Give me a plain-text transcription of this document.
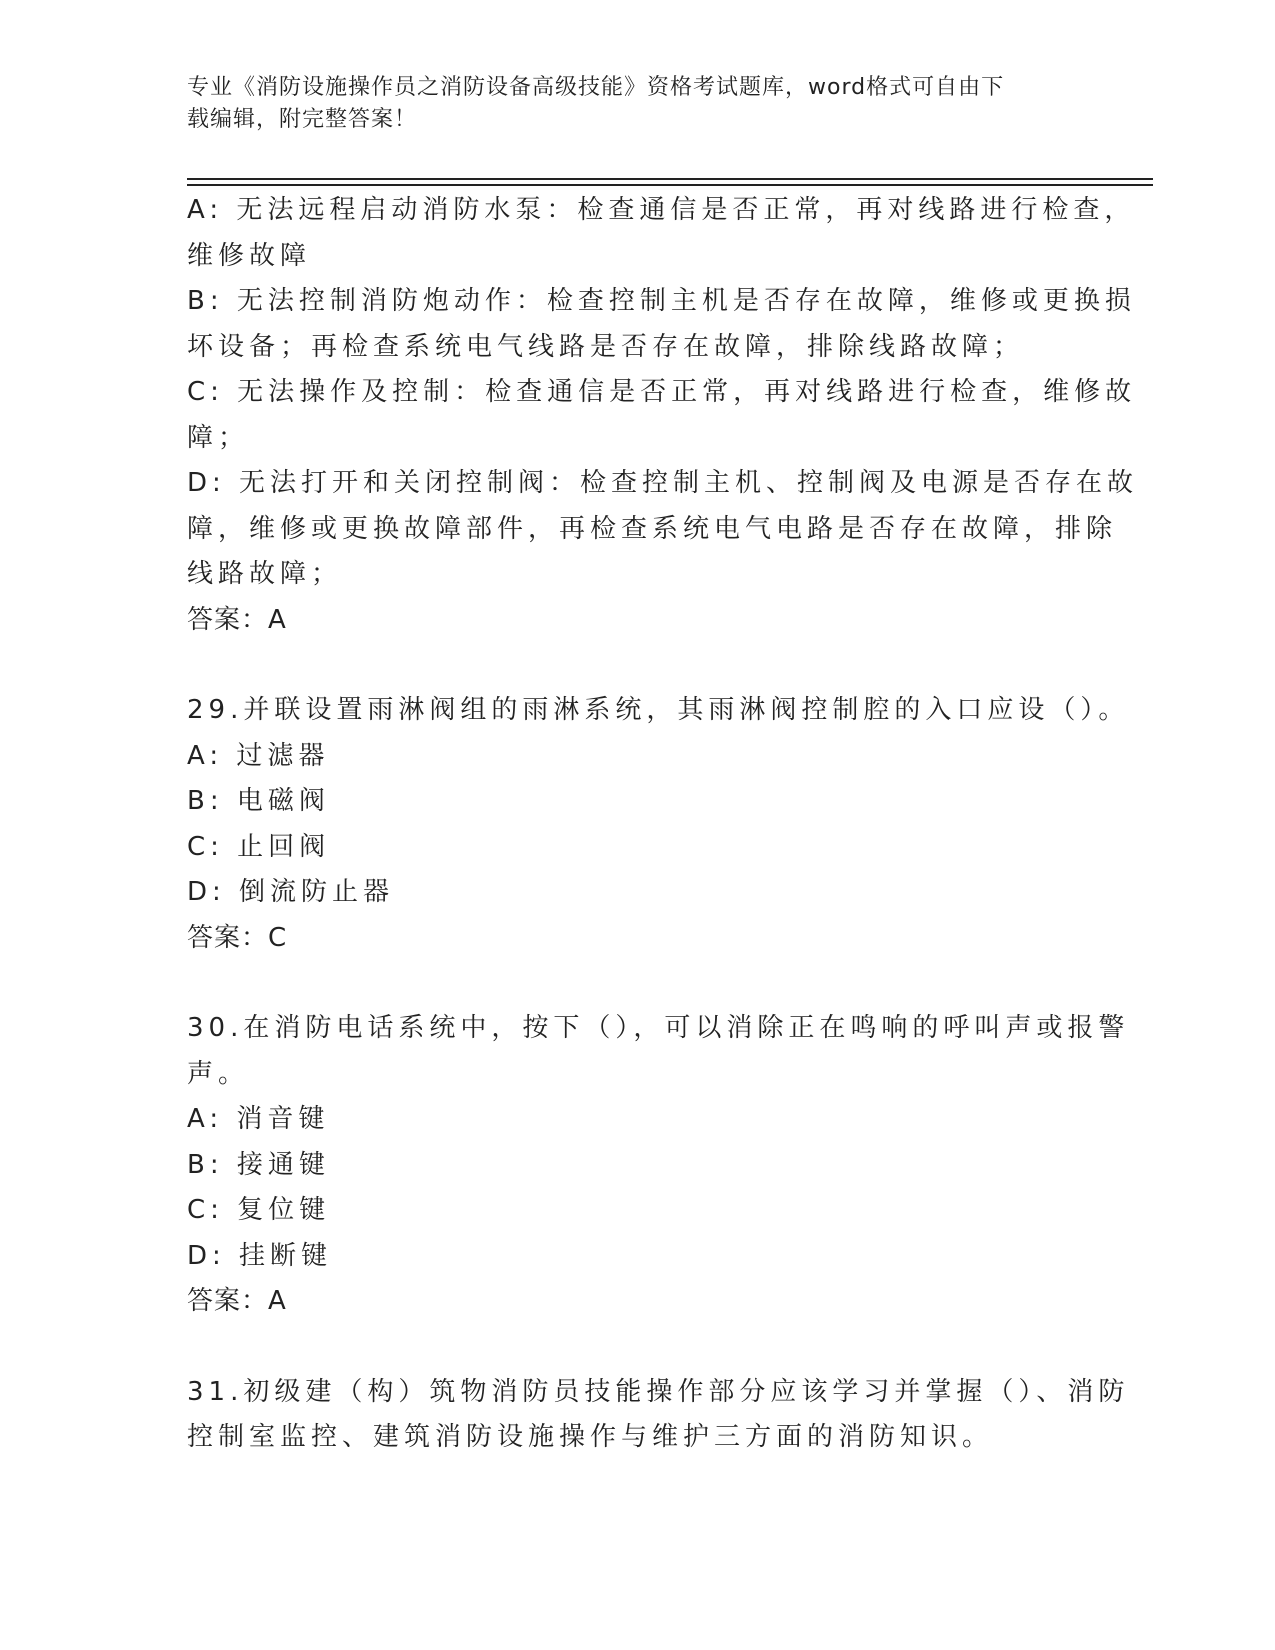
专业《消防设施操作员之消防设备高级技能》资格考试题库，word格式可自由下
载编辑，附完整答案！
A: 无法远程启动消防水泵：检查通信是否正常，再对线路进行检查，
维修故障
B: 无法控制消防炮动作：检查控制主机是否存在故障，维修或更换损
坏设备；再检查系统电气线路是否存在故障，排除线路故障；
C: 无法操作及控制：检查通信是否正常，再对线路进行检查，维修故
障；
D: 无法打开和关闭控制阀：检查控制主机、控制阀及电源是否存在故
障，维修或更换故障部件，再检查系统电气电路是否存在故障，排除
线路故障；
答案：A
29.并联设置雨淋阀组的雨淋系统，其雨淋阀控制腔的入口应设（）。
A: 过滤器
B: 电磁阀
C: 止回阀
D: 倒流防止器
答案：C
30.在消防电话系统中，按下（），可以消除正在鸣响的呼叫声或报警
声。
A: 消音键
B: 接通键
C: 复位键
D: 挂断键
答案：A
31.初级建（构）筑物消防员技能操作部分应该学习并掌握（）、消防
控制室监控、建筑消防设施操作与维护三方面的消防知识。
